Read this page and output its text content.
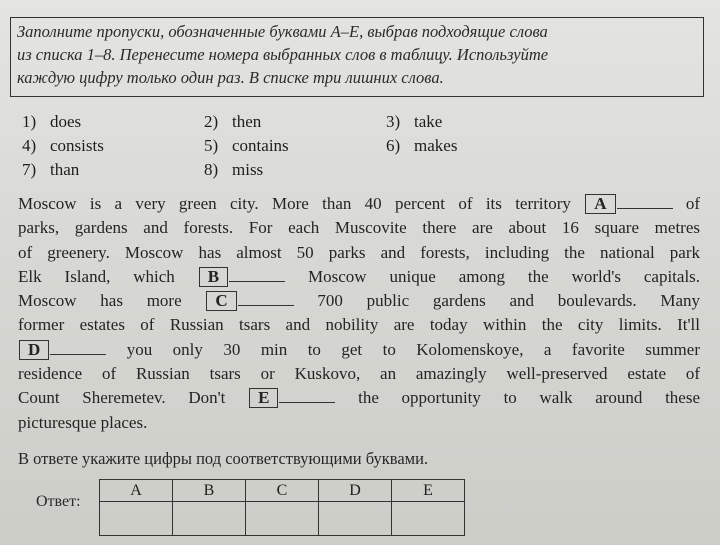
Заполните пропуски, обозначенные буквами A–E, выбрав подходящие слова
из списка 1–8. Перенесите номера выбранных слов в таблицу. Используйте
каждую цифру только один раз. В списке три лишних слова.
1) does	2) then	3) take
4) consists	5) contains	6) makes
7) than	8) miss
Moscow is a very green city. More than 40 percent of its territory A	of
parks, gardens and forests. For each Muscovite there are about 16 square metres
of greenery. Moscow has almost 50 parks and forests, including the national park
Elk Island, which B	Moscow unique among the world's capitals.
Moscow has more C	700 public gardens and boulevards. Many
former estates of Russian tsars and nobility are today within the city limits. It'll
D	you only 30 min to get to Kolomenskoye, a favorite summer
residence of Russian tsars or Kuskovo, an amazingly well-preserved estate of
Count Sheremetev. Don't E	the opportunity to walk around these
picturesque places.
В ответе укажите цифры под соответствующими буквами.
Ответ:
A	B	C	D	E
